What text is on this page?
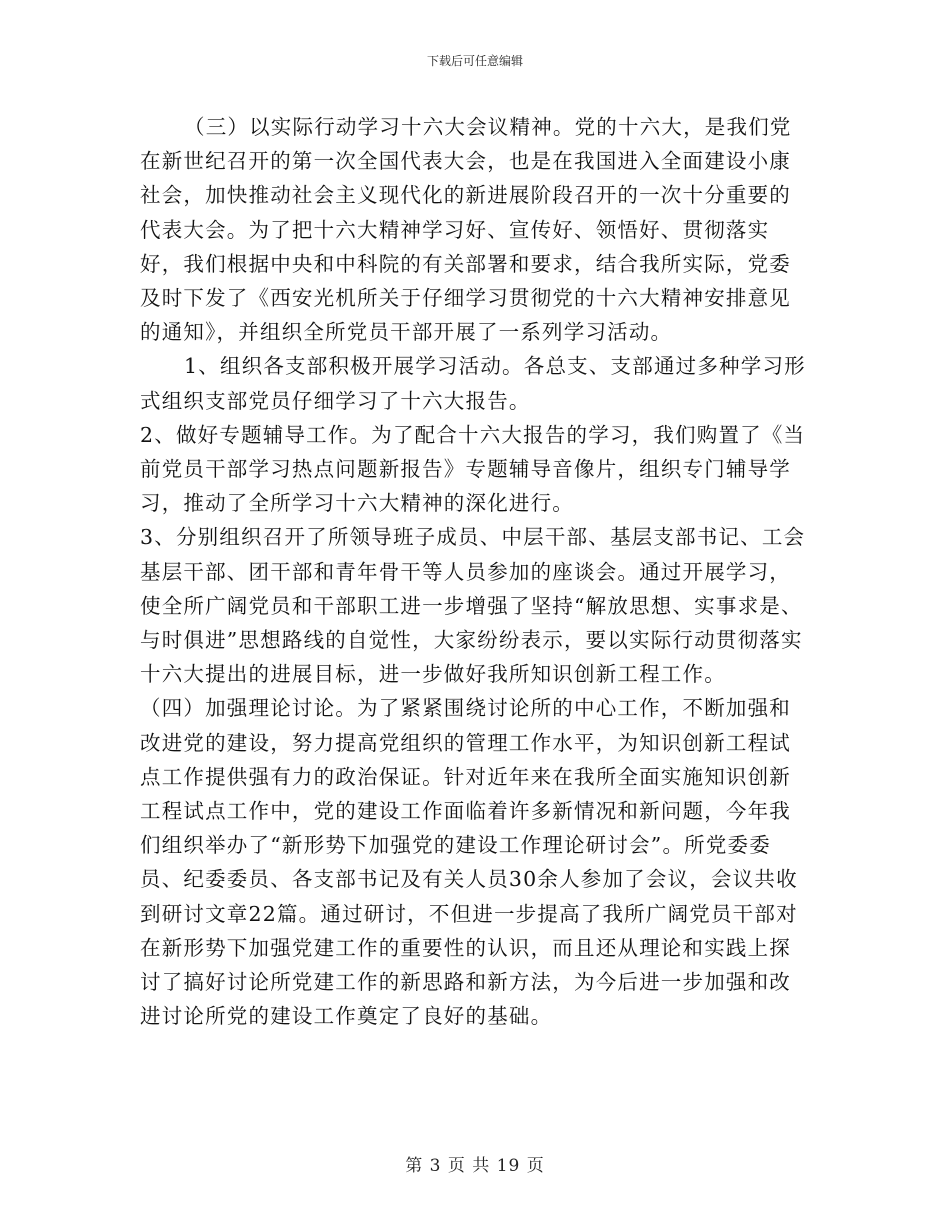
下载后可任意编辑

（三）以实际行动学习十六大会议精神。党的十六大，是我们党在新世纪召开的第一次全国代表大会，也是在我国进入全面建设小康社会，加快推动社会主义现代化的新进展阶段召开的一次十分重要的代表大会。为了把十六大精神学习好、宣传好、领悟好、贯彻落实好，我们根据中央和中科院的有关部署和要求，结合我所实际，党委及时下发了《西安光机所关于仔细学习贯彻党的十六大精神安排意见的通知》，并组织全所党员干部开展了一系列学习活动。

1、组织各支部积极开展学习活动。各总支、支部通过多种学习形式组织支部党员仔细学习了十六大报告。

2、做好专题辅导工作。为了配合十六大报告的学习，我们购置了《当前党员干部学习热点问题新报告》专题辅导音像片，组织专门辅导学习，推动了全所学习十六大精神的深化进行。

3、分别组织召开了所领导班子成员、中层干部、基层支部书记、工会基层干部、团干部和青年骨干等人员参加的座谈会。通过开展学习，使全所广阔党员和干部职工进一步增强了坚持“解放思想、实事求是、与时俱进”思想路线的自觉性，大家纷纷表示，要以实际行动贯彻落实十六大提出的进展目标，进一步做好我所知识创新工程工作。

（四）加强理论讨论。为了紧紧围绕讨论所的中心工作，不断加强和改进党的建设，努力提高党组织的管理工作水平，为知识创新工程试点工作提供强有力的政治保证。针对近年来在我所全面实施知识创新工程试点工作中，党的建设工作面临着许多新情况和新问题，今年我们组织举办了“新形势下加强党的建设工作理论研讨会”。所党委委员、纪委委员、各支部书记及有关人员30余人参加了会议，会议共收到研讨文章22篇。通过研讨，不但进一步提高了我所广阔党员干部对在新形势下加强党建工作的重要性的认识，而且还从理论和实践上探讨了搞好讨论所党建工作的新思路和新方法，为今后进一步加强和改进讨论所党的建设工作奠定了良好的基础。

第 3 页 共 19 页
